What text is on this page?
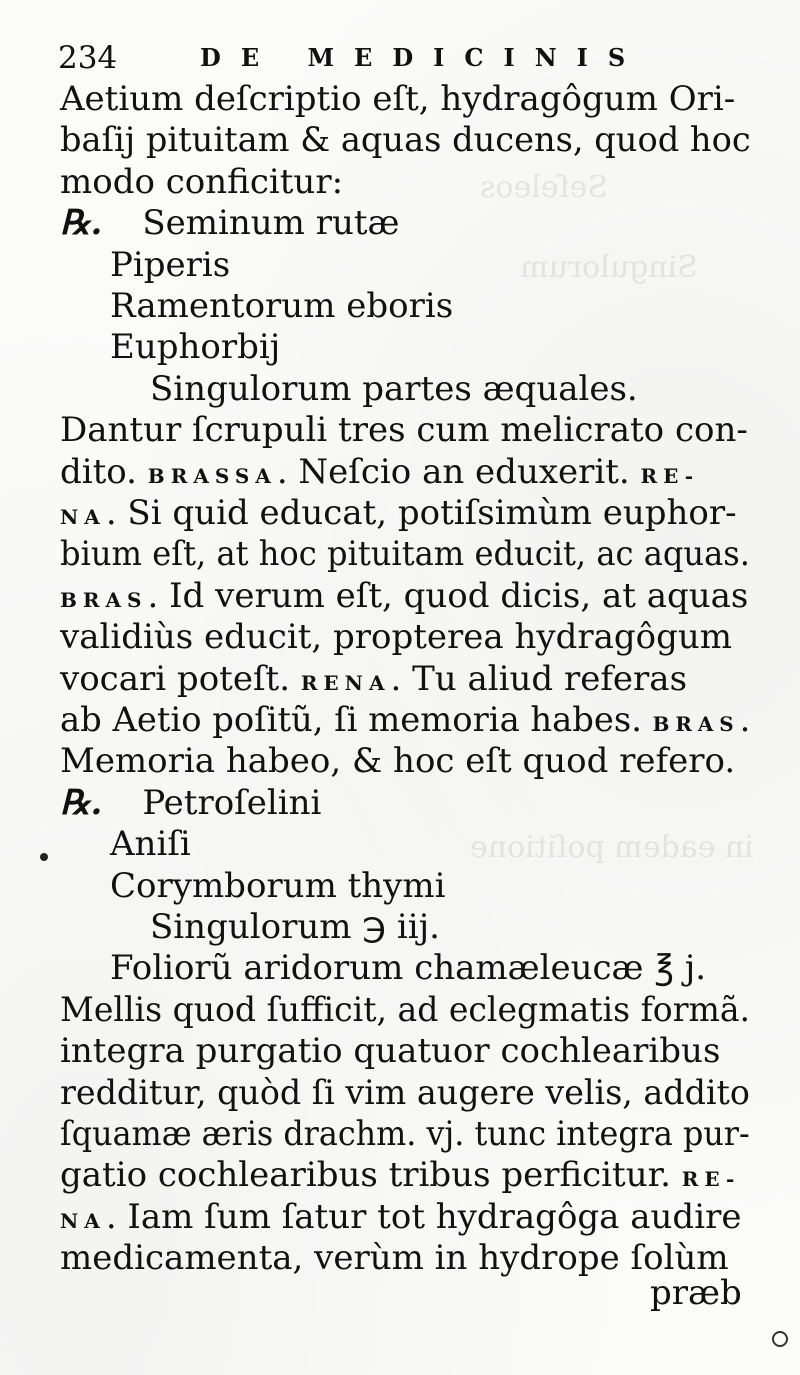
Seſeleos
Singulorum
in eadem poſitione
234	DE MEDICINIS
Aetium deſcriptio eſt, hydragôgum Ori-
baſij pituitam & aquas ducens, quod hoc
modo conficitur:
℞. Seminum rutæ
Piperis
Ramentorum eboris
Euphorbij
Singulorum partes æquales.
Dantur ſcrupuli tres cum melicrato con-
dito. BRASSA. Neſcio an eduxerit. RE-
NA. Si quid educat, potiſsimùm euphor-
bium eſt, at hoc pituitam educit, ac aquas.
BRAS. Id verum eſt, quod dicis, at aquas
validiùs educit, propterea hydragôgum
vocari poteſt. RENA. Tu aliud referas
ab Aetio poſitũ, ſi memoria habes. BRAS.
Memoria habeo, & hoc eſt quod refero.
℞. Petroſelini
Aniſi
Corymborum thymi
Singulorum ℈ iij.
Foliorũ aridorum chamæleucæ ℥ j.
Mellis quod ſufficit, ad eclegmatis formã.
integra purgatio quatuor cochlearibus
redditur, quòd ſi vim augere velis, addito
ſquamæ æris drachm. vj. tunc integra pur-
gatio cochlearibus tribus perficitur. RE-
NA. Iam ſum ſatur tot hydragôga audire
medicamenta, verùm in hydrope ſolùm
præb
